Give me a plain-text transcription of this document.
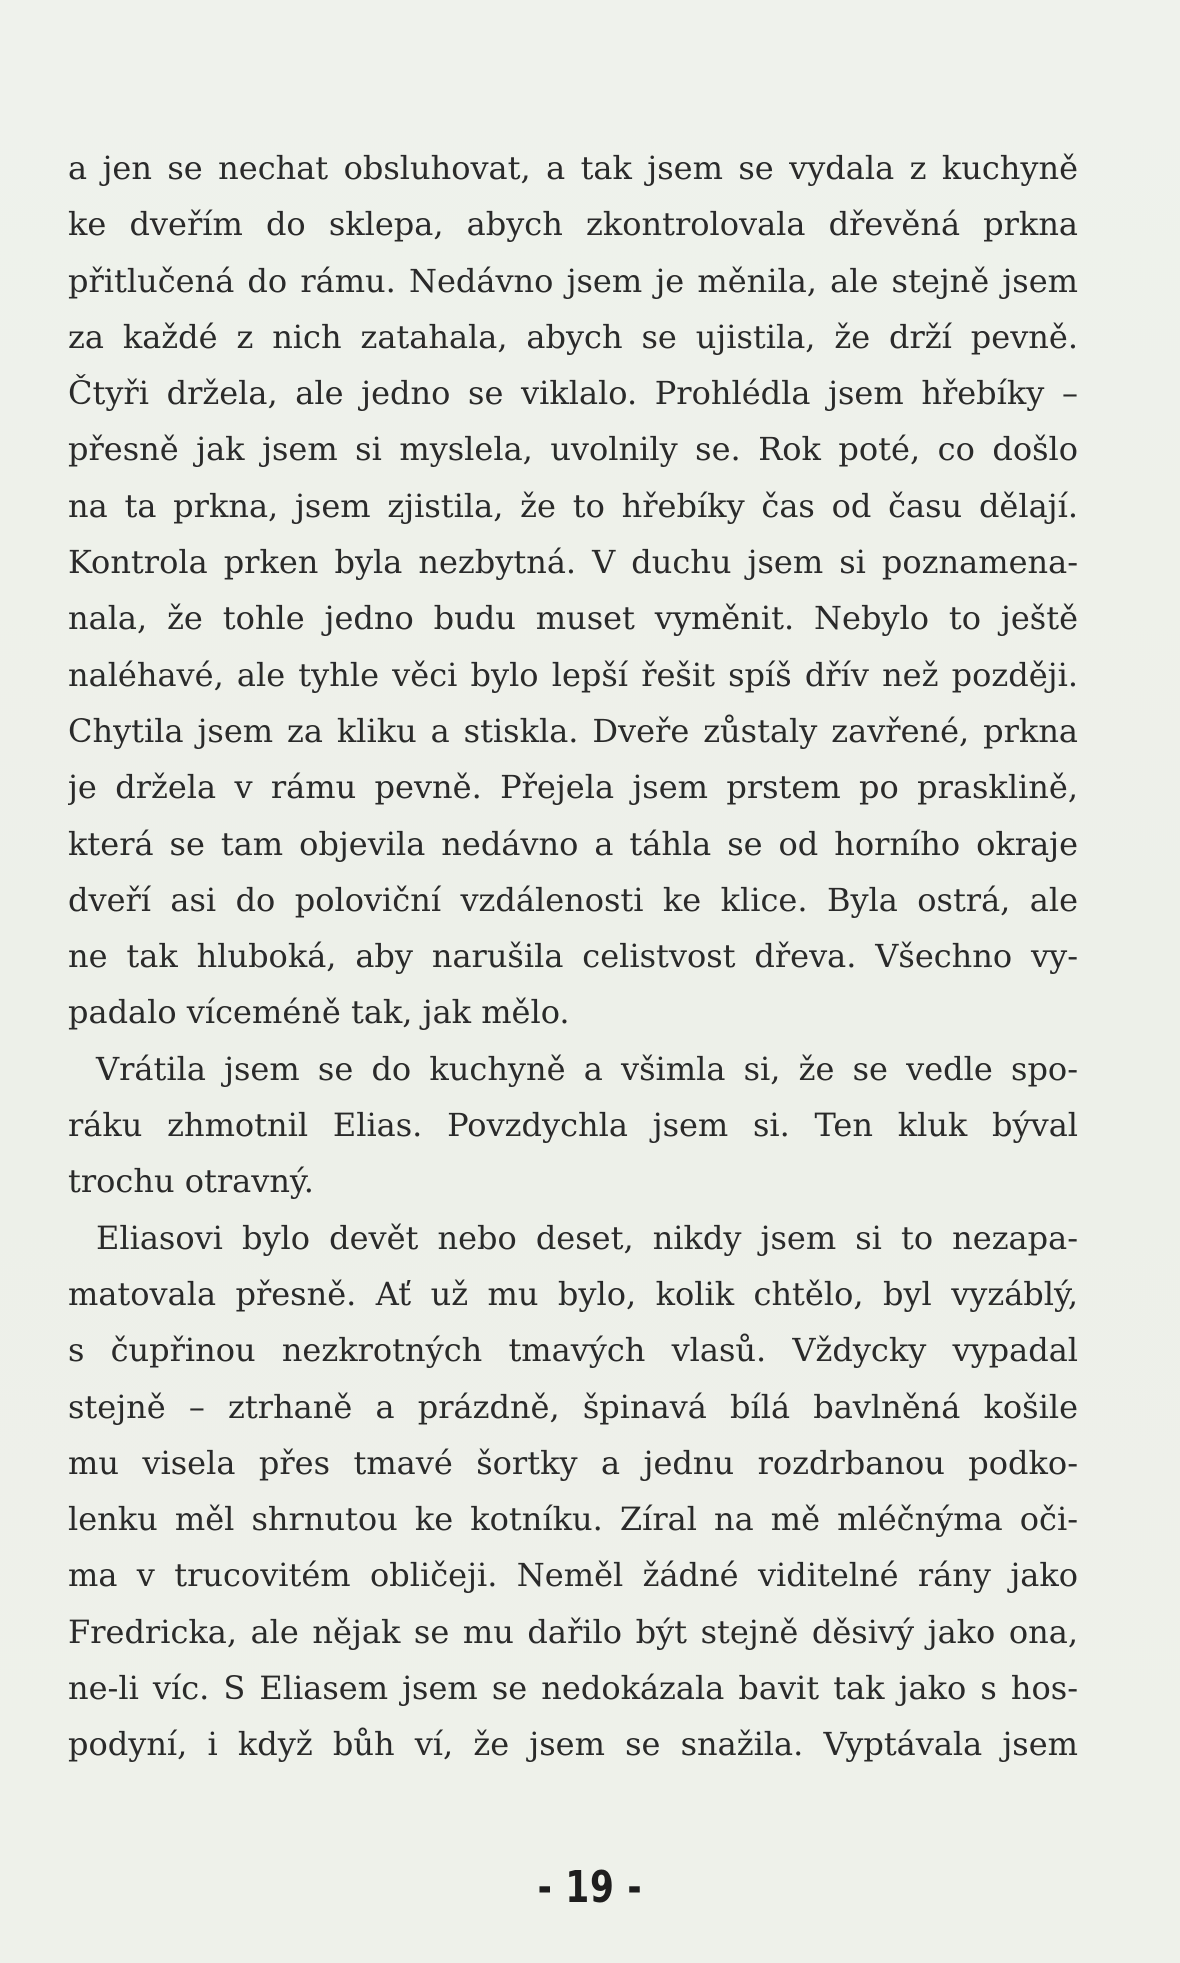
a jen se nechat obsluhovat, a tak jsem se vydala z kuchyně
ke dveřím do sklepa, abych zkontrolovala dřevěná prkna
přitlučená do rámu. Nedávno jsem je měnila, ale stejně jsem
za každé z nich zatahala, abych se ujistila, že drží pevně.
Čtyři držela, ale jedno se viklalo. Prohlédla jsem hřebíky –
přesně jak jsem si myslela, uvolnily se. Rok poté, co došlo
na ta prkna, jsem zjistila, že to hřebíky čas od času dělají.
Kontrola prken byla nezbytná. V duchu jsem si poznamena-
nala, že tohle jedno budu muset vyměnit. Nebylo to ještě
naléhavé, ale tyhle věci bylo lepší řešit spíš dřív než později.
Chytila jsem za kliku a stiskla. Dveře zůstaly zavřené, prkna
je držela v rámu pevně. Přejela jsem prstem po prasklině,
která se tam objevila nedávno a táhla se od horního okraje
dveří asi do poloviční vzdálenosti ke klice. Byla ostrá, ale
ne tak hluboká, aby narušila celistvost dřeva. Všechno vy-
padalo víceméně tak, jak mělo.
Vrátila jsem se do kuchyně a všimla si, že se vedle spo-
ráku zhmotnil Elias. Povzdychla jsem si. Ten kluk býval
trochu otravný.
Eliasovi bylo devět nebo deset, nikdy jsem si to nezapa-
matovala přesně. Ať už mu bylo, kolik chtělo, byl vyzáblý,
s čupřinou nezkrotných tmavých vlasů. Vždycky vypadal
stejně – ztrhaně a prázdně, špinavá bílá bavlněná košile
mu visela přes tmavé šortky a jednu rozdrbanou podko-
lenku měl shrnutou ke kotníku. Zíral na mě mléčnýma oči-
ma v trucovitém obličeji. Neměl žádné viditelné rány jako
Fredricka, ale nějak se mu dařilo být stejně děsivý jako ona,
ne-li víc. S Eliasem jsem se nedokázala bavit tak jako s hos-
podyní, i když bůh ví, že jsem se snažila. Vyptávala jsem
- 19 -
